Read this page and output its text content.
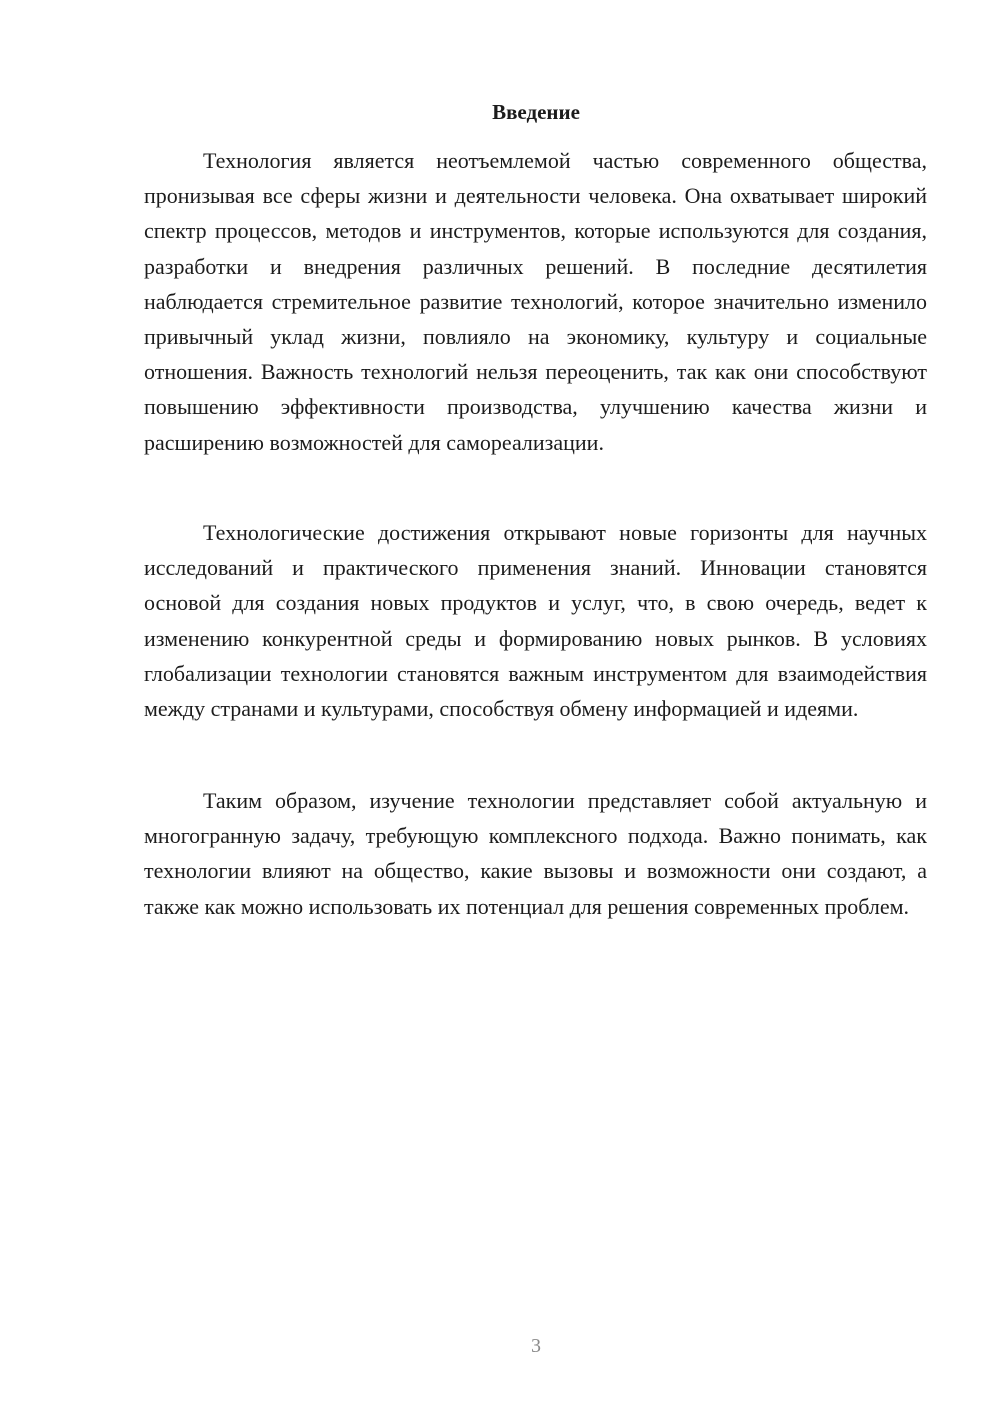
Введение

Технология является неотъемлемой частью современного общества, пронизывая все сферы жизни и деятельности человека. Она охватывает широкий спектр процессов, методов и инструментов, которые используются для создания, разработки и внедрения различных решений. В последние десятилетия наблюдается стремительное развитие технологий, которое значительно изменило привычный уклад жизни, повлияло на экономику, культуру и социальные отношения. Важность технологий нельзя переоценить, так как они способствуют повышению эффективности производства, улучшению качества жизни и расширению возможностей для самореализации.

Технологические достижения открывают новые горизонты для научных исследований и практического применения знаний. Инновации становятся основой для создания новых продуктов и услуг, что, в свою очередь, ведет к изменению конкурентной среды и формированию новых рынков. В условиях глобализации технологии становятся важным инструментом для взаимодействия между странами и культурами, способствуя обмену информацией и идеями.

Таким образом, изучение технологии представляет собой актуальную и многогранную задачу, требующую комплексного подхода. Важно понимать, как технологии влияют на общество, какие вызовы и возможности они создают, а также как можно использовать их потенциал для решения современных проблем.

3
